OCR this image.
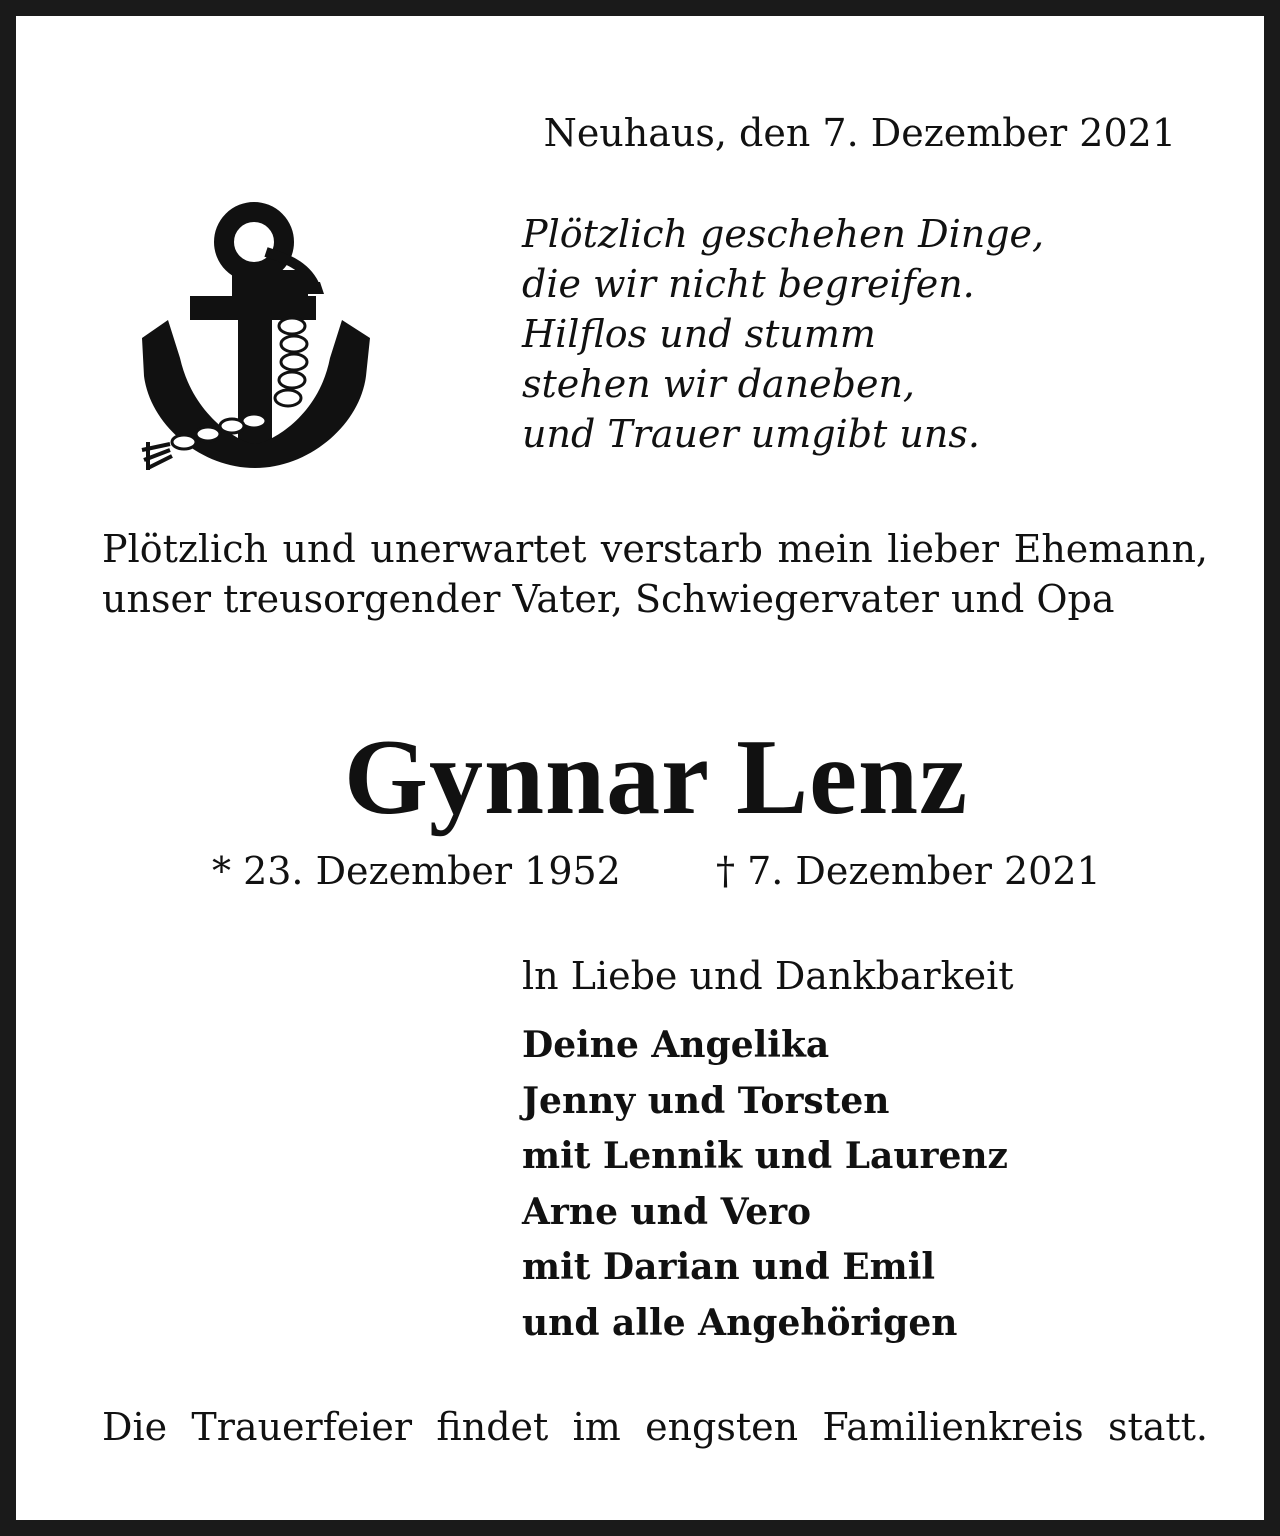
Neuhaus, den 7. Dezember 2021
Plötzlich geschehen Dinge,
die wir nicht begreifen.
Hilflos und stumm
stehen wir daneben,
und Trauer umgibt uns.
Plötzlich und unerwartet verstarb mein lieber Ehemann, unser treusorgender Vater, Schwiegervater und Opa
Gynnar Lenz
* 23. Dezember 1952	† 7. Dezember 2021
ln Liebe und Dankbarkeit
Deine Angelika
Jenny und Torsten
mit Lennik und Laurenz
Arne und Vero
mit Darian und Emil
und alle Angehörigen
Die Trauerfeier findet im engsten Familienkreis statt.
